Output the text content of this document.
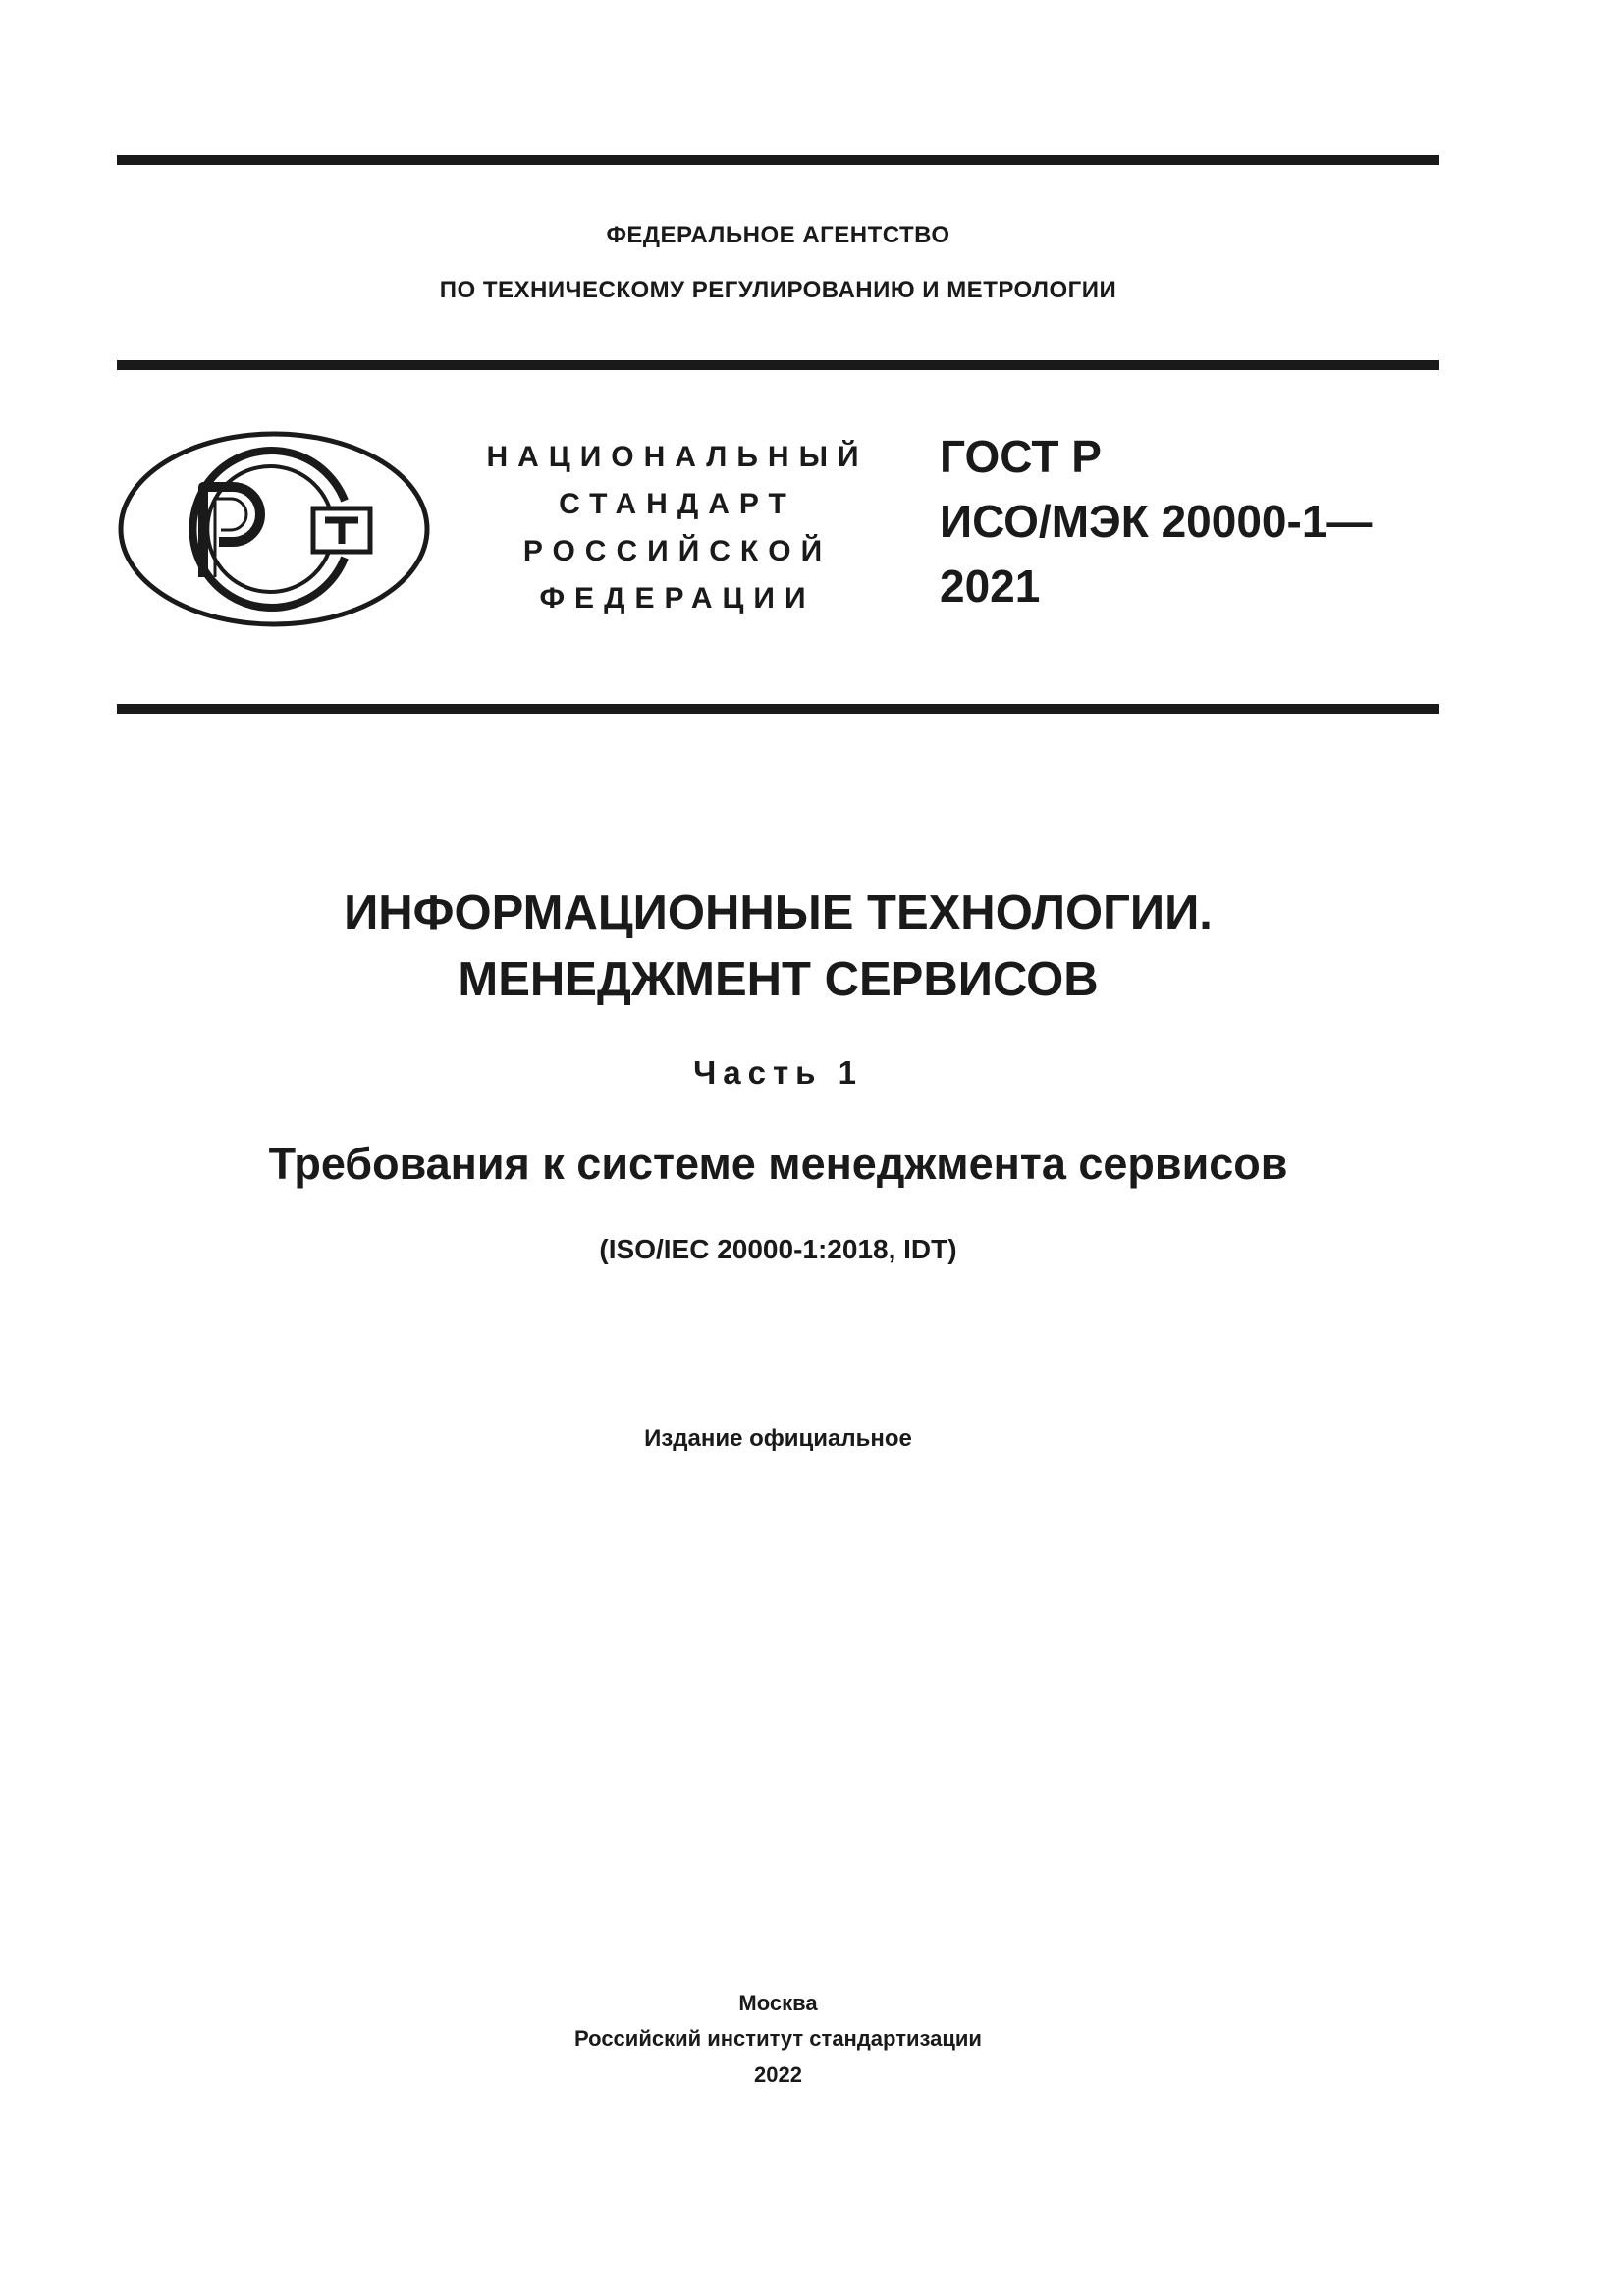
ФЕДЕРАЛЬНОЕ АГЕНТСТВО
ПО ТЕХНИЧЕСКОМУ РЕГУЛИРОВАНИЮ И МЕТРОЛОГИИ
НАЦИОНАЛЬНЫЙ
СТАНДАРТ
РОССИЙСКОЙ
ФЕДЕРАЦИИ
ГОСТ Р
ИСО/МЭК 20000-1—
2021
ИНФОРМАЦИОННЫЕ ТЕХНОЛОГИИ.
МЕНЕДЖМЕНТ СЕРВИСОВ
Часть 1
Требования к системе менеджмента сервисов
(ISO/IEC 20000-1:2018, IDT)
Издание официальное
Москва
Российский институт стандартизации
2022
